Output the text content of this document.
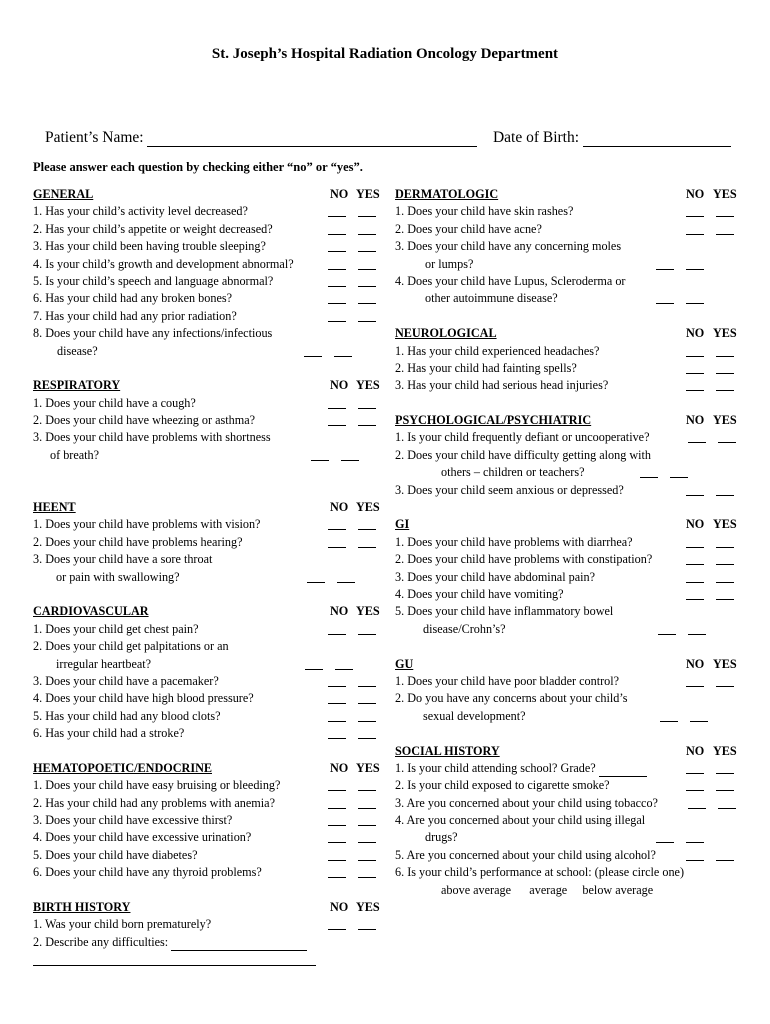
St. Joseph’s Hospital Radiation Oncology Department
Patient’s Name:	Date of Birth:
Please answer each question by checking either “no” or “yes”.
GENERAL	NO YES
1. Has your child’s activity level decreased?
2. Has your child’s appetite or weight decreased?
3. Has your child been having trouble sleeping?
4. Is your child’s growth and development abnormal?
5. Is your child’s speech and language abnormal?
6. Has your child had any broken bones?
7. Has your child had any prior radiation?
8. Does your child have any infections/infectious
disease?
RESPIRATORY	NO YES
1. Does your child have a cough?
2. Does your child have wheezing or asthma?
3. Does your child have problems with shortness
of breath?
HEENT	NO YES
1. Does your child have problems with vision?
2. Does your child have problems hearing?
3. Does your child have a sore throat
or pain with swallowing?
CARDIOVASCULAR	NO YES
1. Does your child get chest pain?
2. Does your child get palpitations or an
irregular heartbeat?
3. Does your child have a pacemaker?
4. Does your child have high blood pressure?
5. Has your child had any blood clots?
6. Has your child had a stroke?
HEMATOPOETIC/ENDOCRINE	NO YES
1. Does your child have easy bruising or bleeding?
2. Has your child had any problems with anemia?
3. Does your child have excessive thirst?
4. Does your child have excessive urination?
5. Does your child have diabetes?
6. Does your child have any thyroid problems?
BIRTH HISTORY	NO YES
1. Was your child born prematurely?
2. Describe any difficulties:
DERMATOLOGIC	NO YES
1. Does your child have skin rashes?
2. Does your child have acne?
3. Does your child have any concerning moles
or lumps?
4. Does your child have Lupus, Scleroderma or
other autoimmune disease?
NEUROLOGICAL	NO YES
1. Has your child experienced headaches?
2. Has your child had fainting spells?
3. Has your child had serious head injuries?
PSYCHOLOGICAL/PSYCHIATRIC	NO YES
1. Is your child frequently defiant or uncooperative?
2. Does your child have difficulty getting along with
others – children or teachers?
3. Does your child seem anxious or depressed?
GI	NO YES
1. Does your child have problems with diarrhea?
2. Does your child have problems with constipation?
3. Does your child have abdominal pain?
4. Does your child have vomiting?
5. Does your child have inflammatory bowel
disease/Crohn’s?
GU	NO YES
1. Does your child have poor bladder control?
2. Do you have any concerns about your child’s
sexual development?
SOCIAL HISTORY	NO YES
1. Is your child attending school? Grade?
2. Is your child exposed to cigarette smoke?
3. Are you concerned about your child using tobacco?
4. Are you concerned about your child using illegal
drugs?
5. Are you concerned about your child using alcohol?
6. Is your child’s performance at school: (please circle one)
above average      average     below average
